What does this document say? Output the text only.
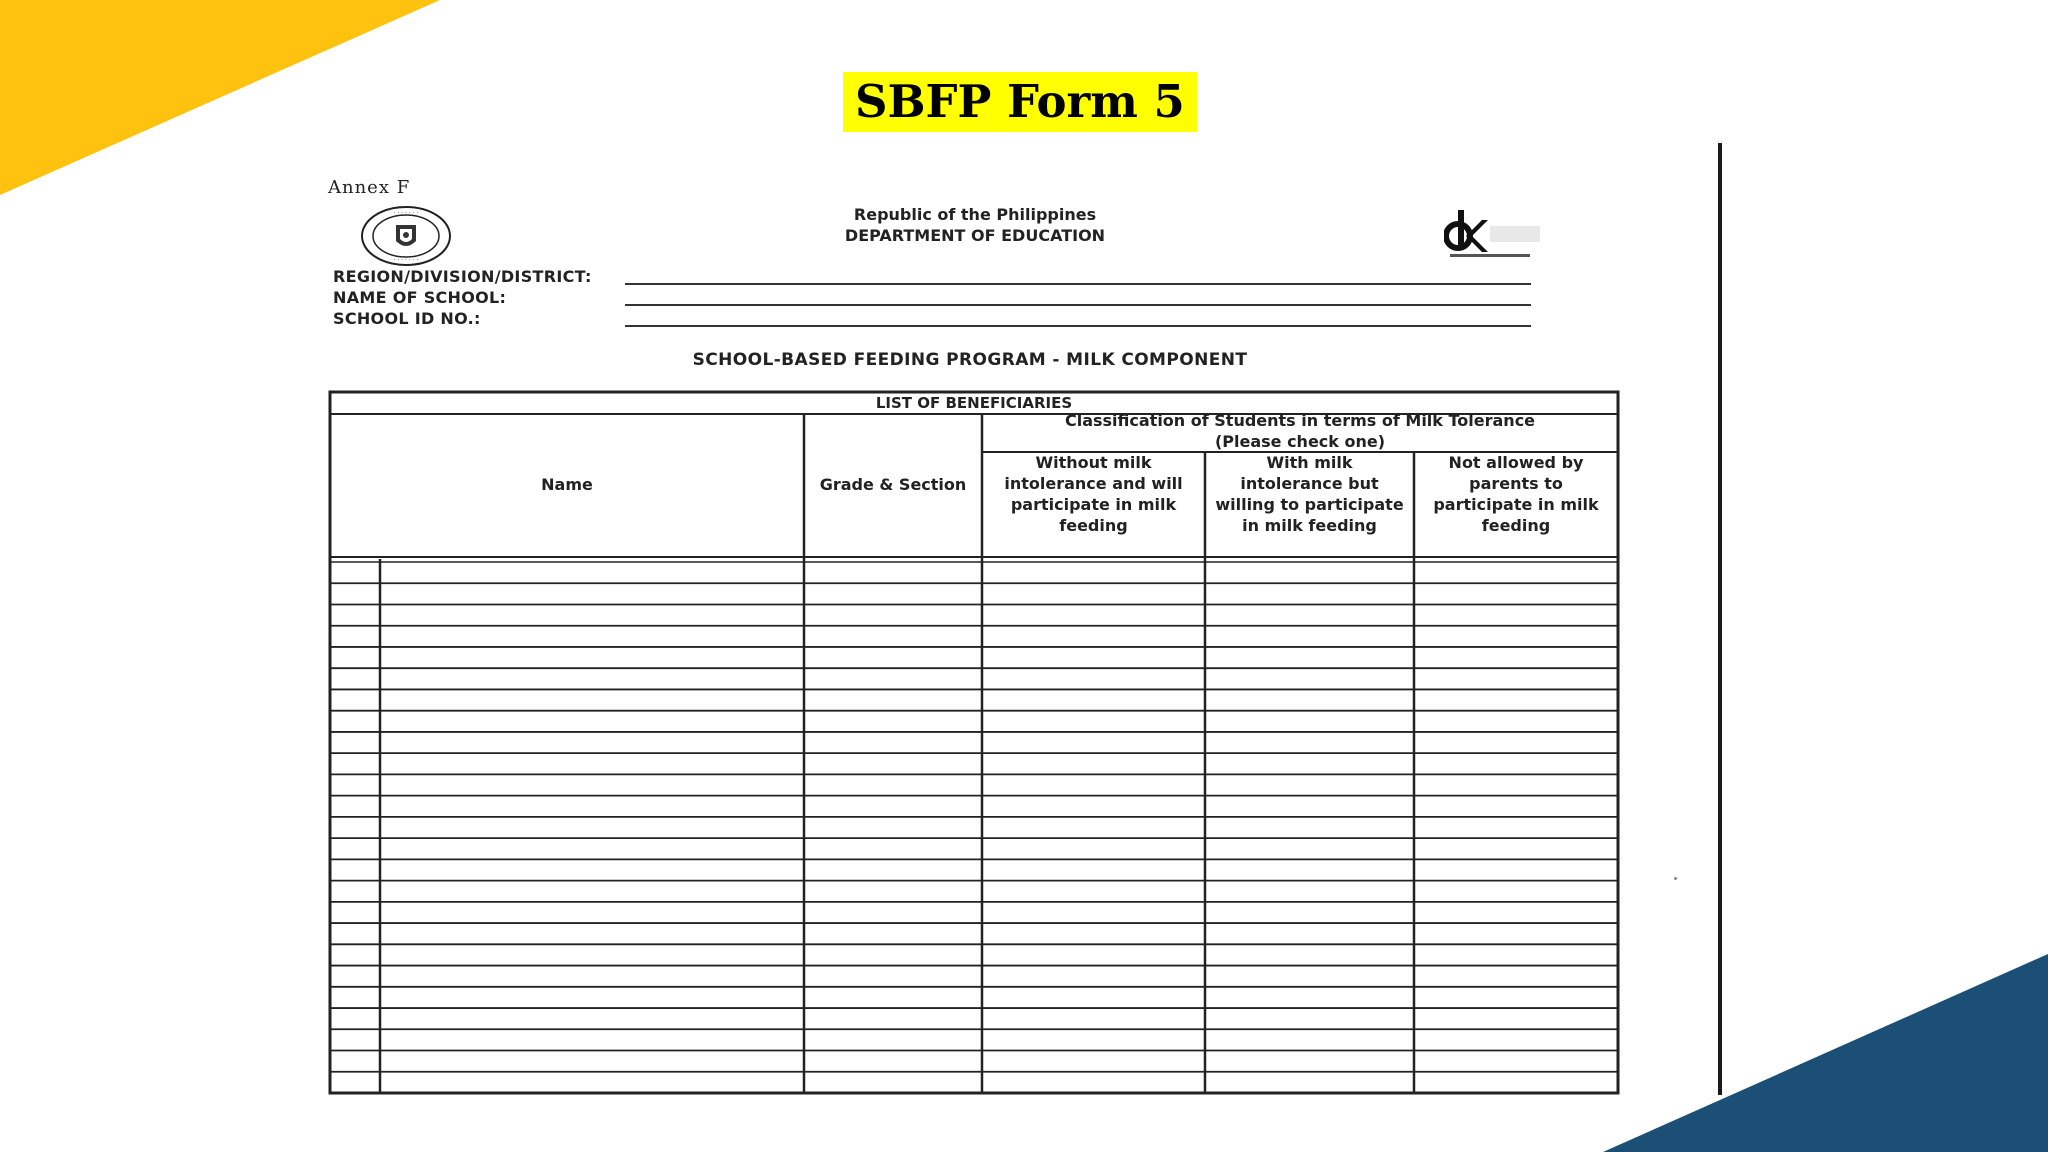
SBFP Form 5
Annex F
· · · · · · ·
· · · · · · ·
Republic of the Philippines
DEPARTMENT OF EDUCATION
REGION/DIVISION/DISTRICT:
NAME OF SCHOOL:
SCHOOL ID NO.:
SCHOOL-BASED FEEDING PROGRAM - MILK COMPONENT
LIST OF BENEFICIARIES
Name	Grade & Section
Classification of Students in terms of Milk Tolerance
(Please check one)
Without milk
intolerance and will
participate in milk
feeding
With milk
intolerance but
willing to participate
in milk feeding
Not allowed by
parents to
participate in milk
feeding
